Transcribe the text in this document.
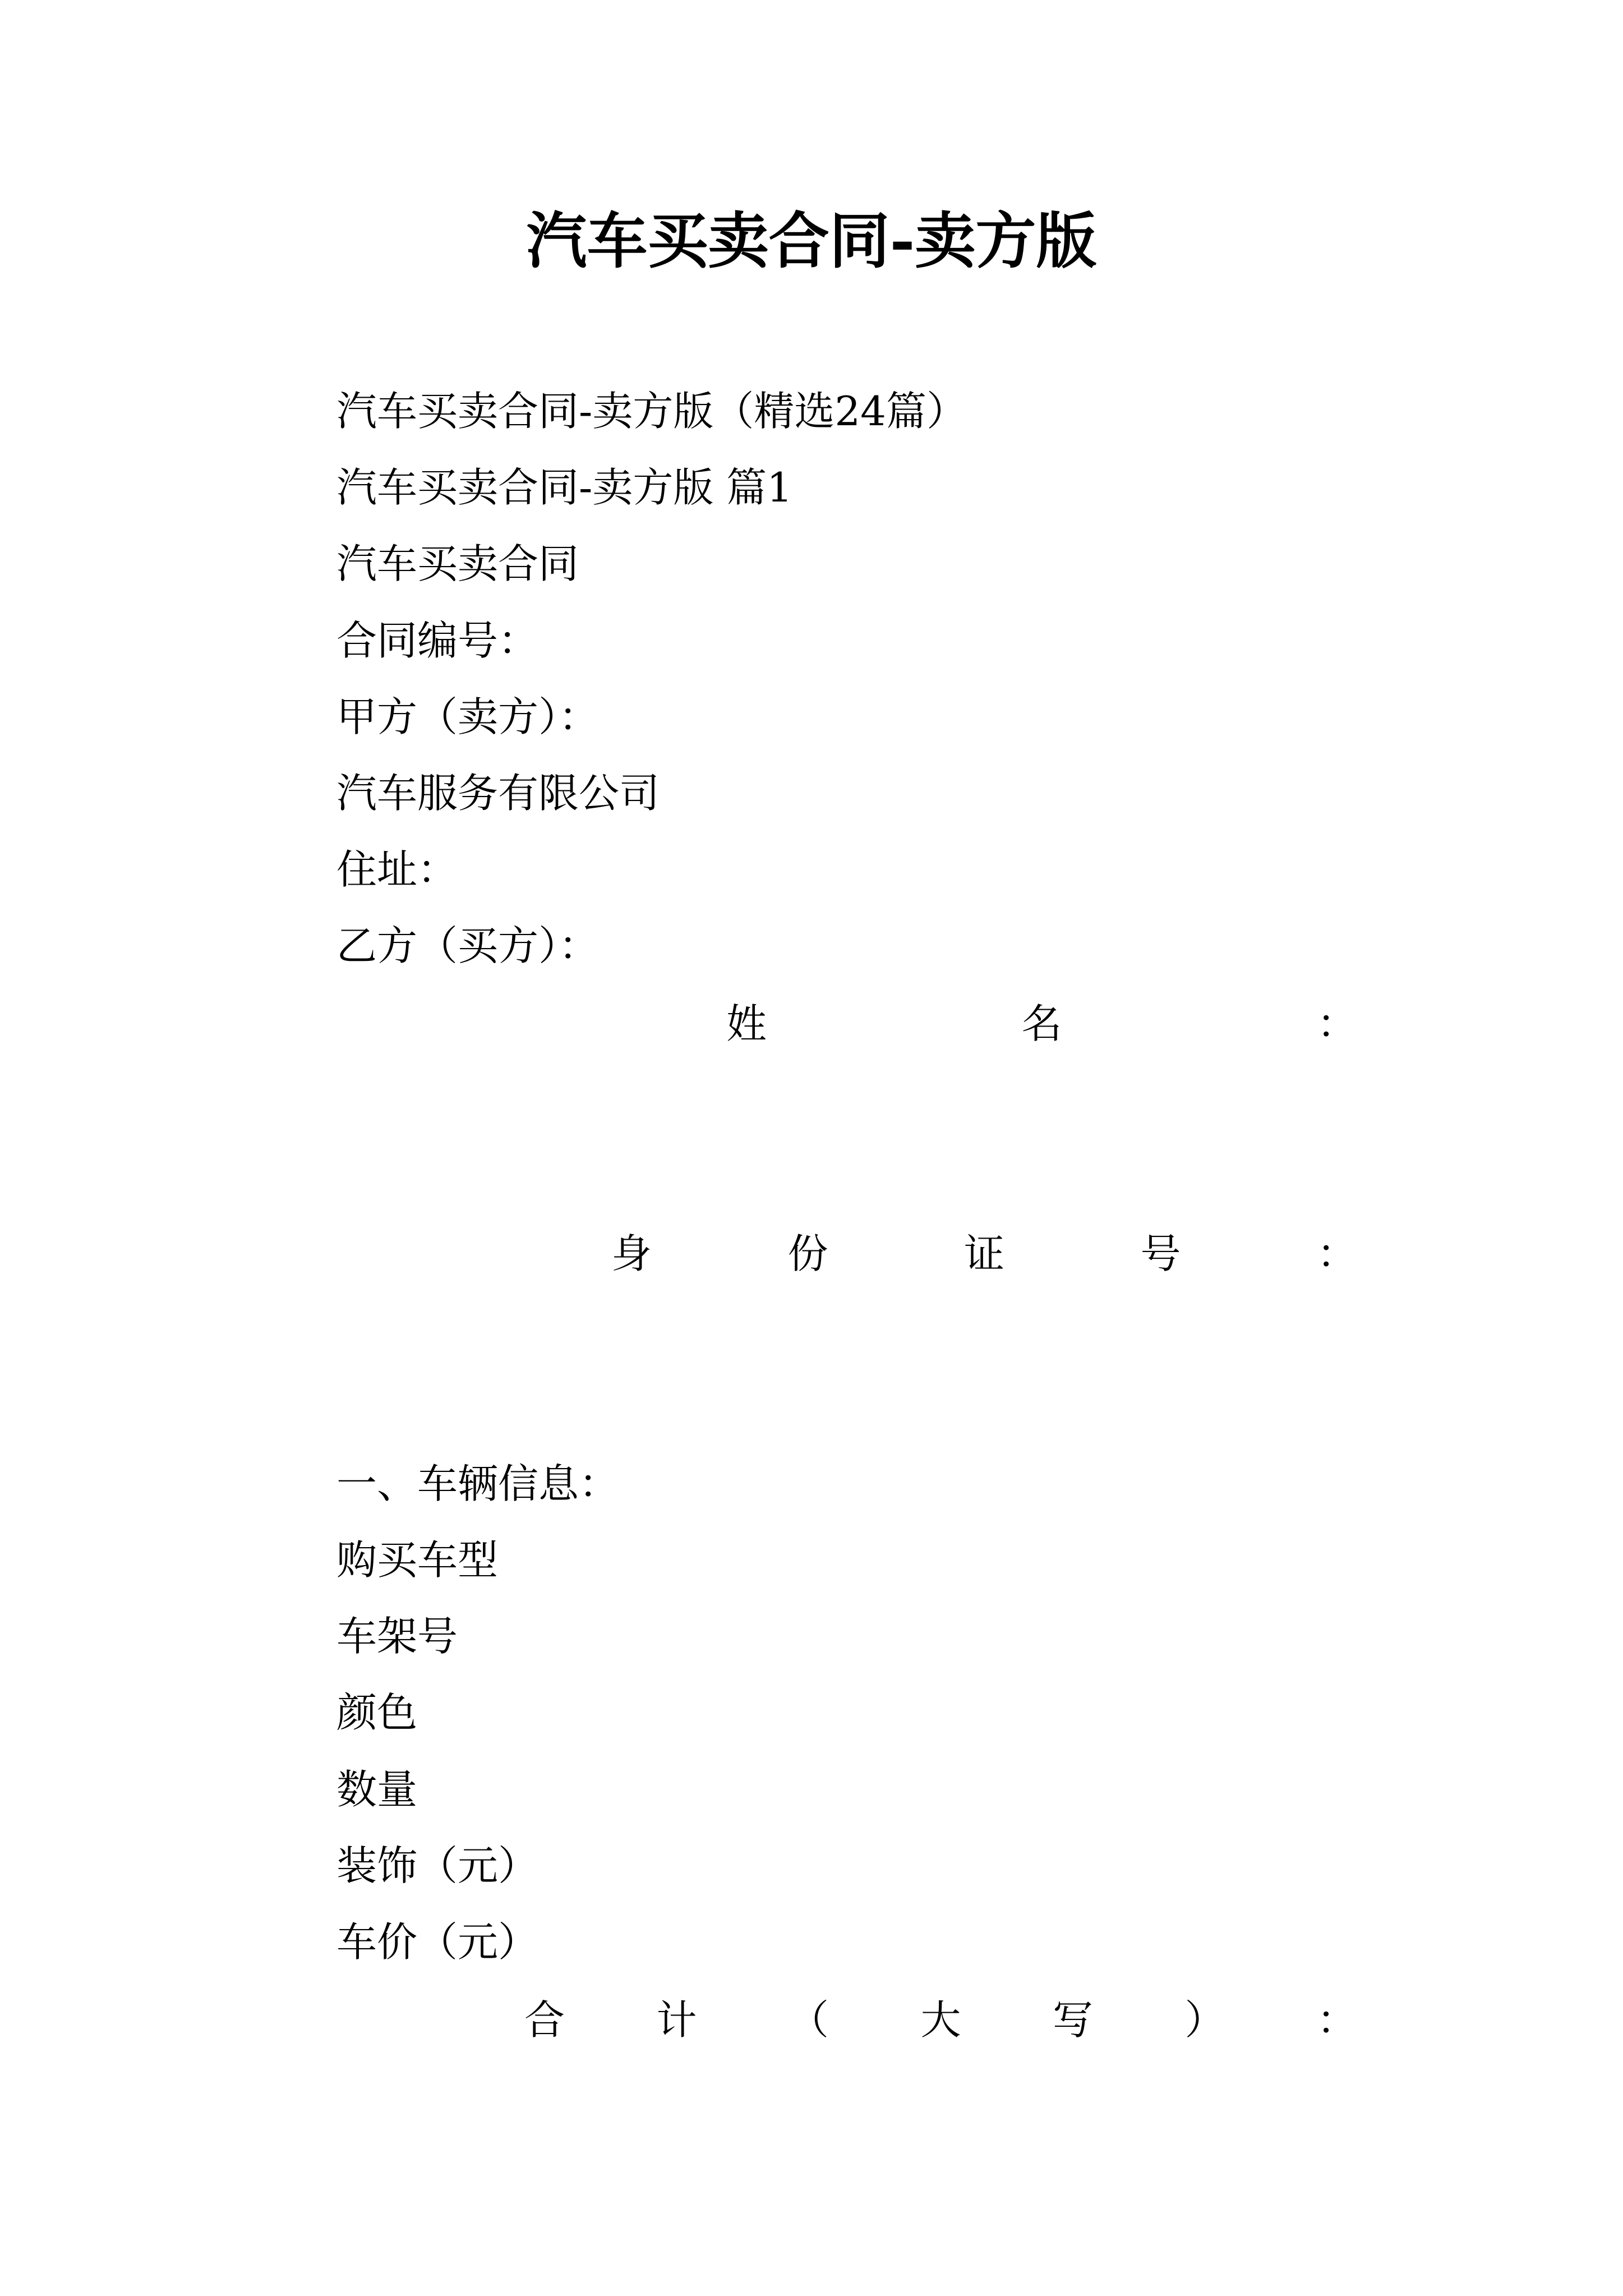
汽车买卖合同-卖方版
汽车买卖合同-卖方版（精选24篇）
汽车买卖合同-卖方版 篇1
汽车买卖合同
合同编号：
甲方（卖方）：
汽车服务有限公司
住址：
乙方（买方）：
姓	名	：
身	份	证	号	：
一、车辆信息：
购买车型
车架号
颜色
数量
装饰（元）
车价（元）
合 计 （ 大 写 ） ：
